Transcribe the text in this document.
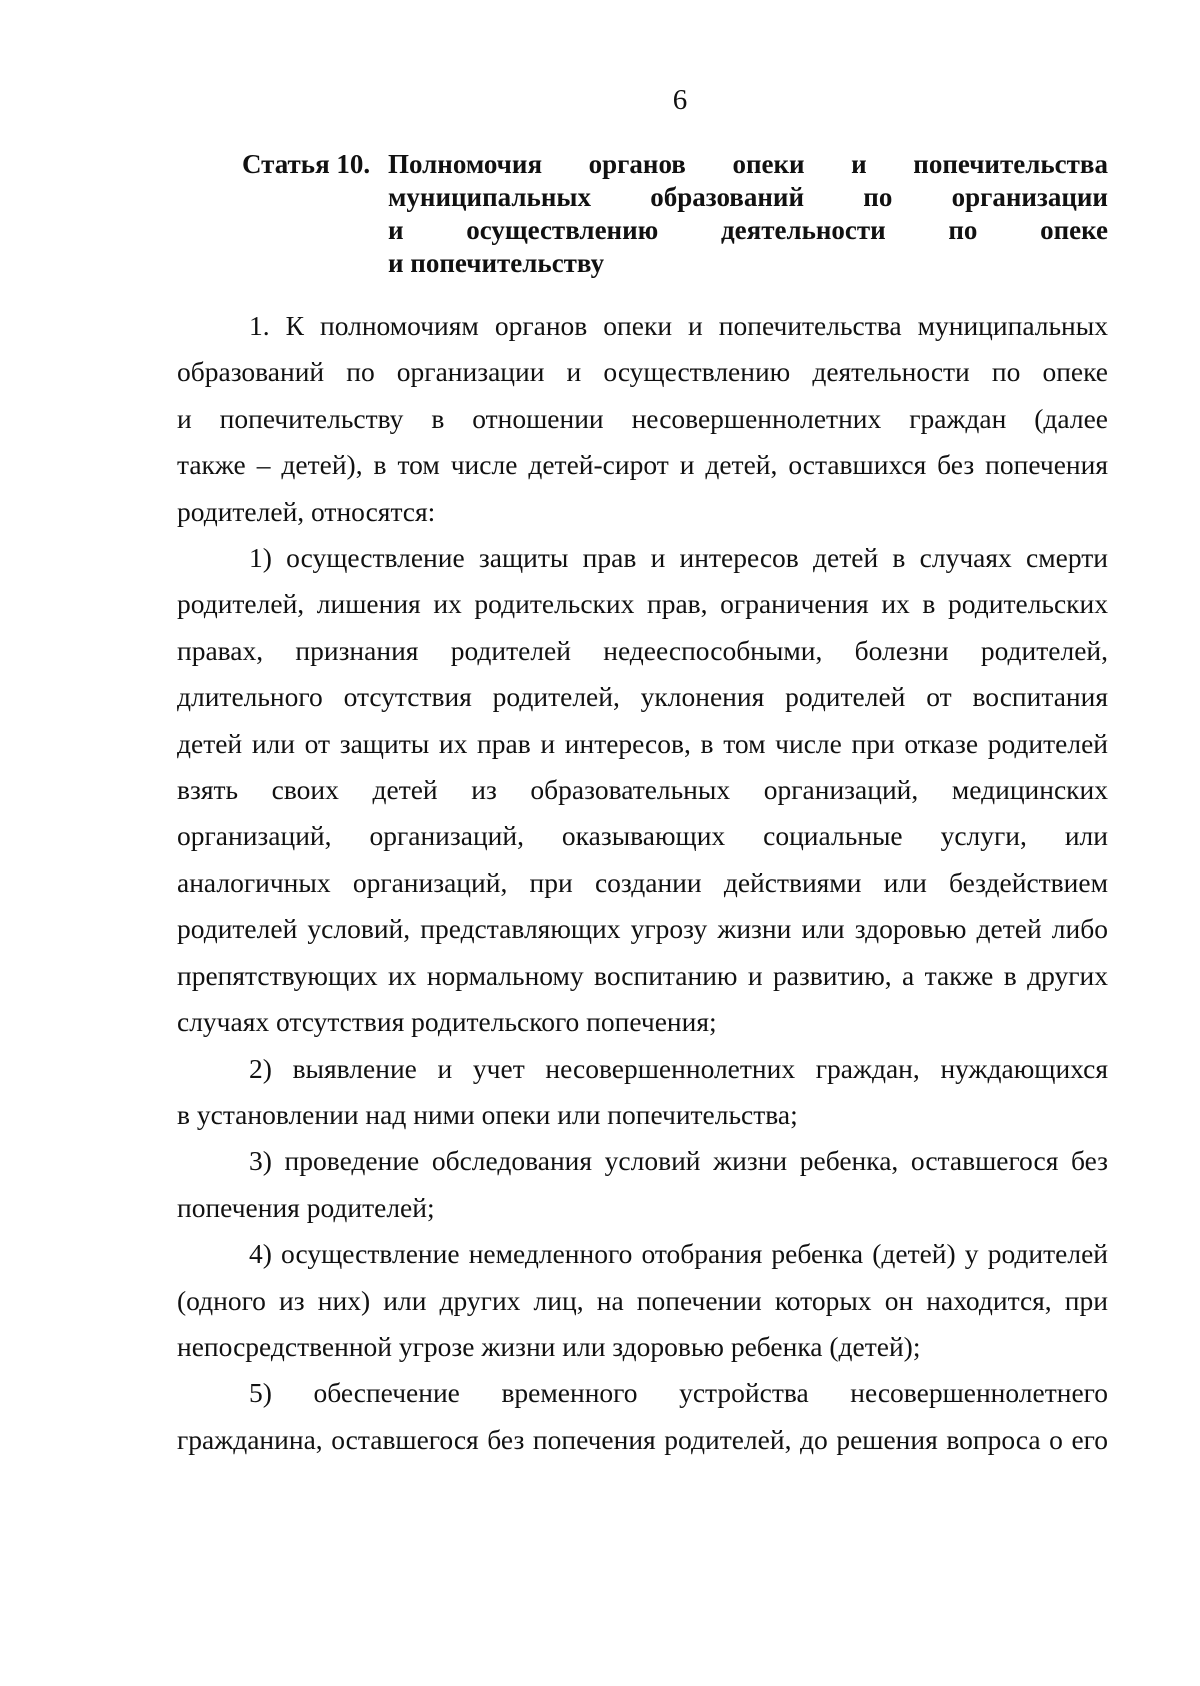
6
Статья 10. Полномочия органов опеки и попечительства
муниципальных образований по организации
и осуществлению деятельности по опеке
и попечительству
1. К полномочиям органов опеки и попечительства муниципальных
образований по организации и осуществлению деятельности по опеке
и попечительству в отношении несовершеннолетних граждан (далее
также – детей), в том числе детей-сирот и детей, оставшихся без попечения
родителей, относятся:
1) осуществление защиты прав и интересов детей в случаях смерти
родителей, лишения их родительских прав, ограничения их в родительских
правах, признания родителей недееспособными, болезни родителей,
длительного отсутствия родителей, уклонения родителей от воспитания
детей или от защиты их прав и интересов, в том числе при отказе родителей
взять своих детей из образовательных организаций, медицинских
организаций, организаций, оказывающих социальные услуги, или
аналогичных организаций, при создании действиями или бездействием
родителей условий, представляющих угрозу жизни или здоровью детей либо
препятствующих их нормальному воспитанию и развитию, а также в других
случаях отсутствия родительского попечения;
2) выявление и учет несовершеннолетних граждан, нуждающихся
в установлении над ними опеки или попечительства;
3) проведение обследования условий жизни ребенка, оставшегося без
попечения родителей;
4) осуществление немедленного отобрания ребенка (детей) у родителей
(одного из них) или других лиц, на попечении которых он находится, при
непосредственной угрозе жизни или здоровью ребенка (детей);
5) обеспечение временного устройства несовершеннолетнего
гражданина, оставшегося без попечения родителей, до решения вопроса о его
